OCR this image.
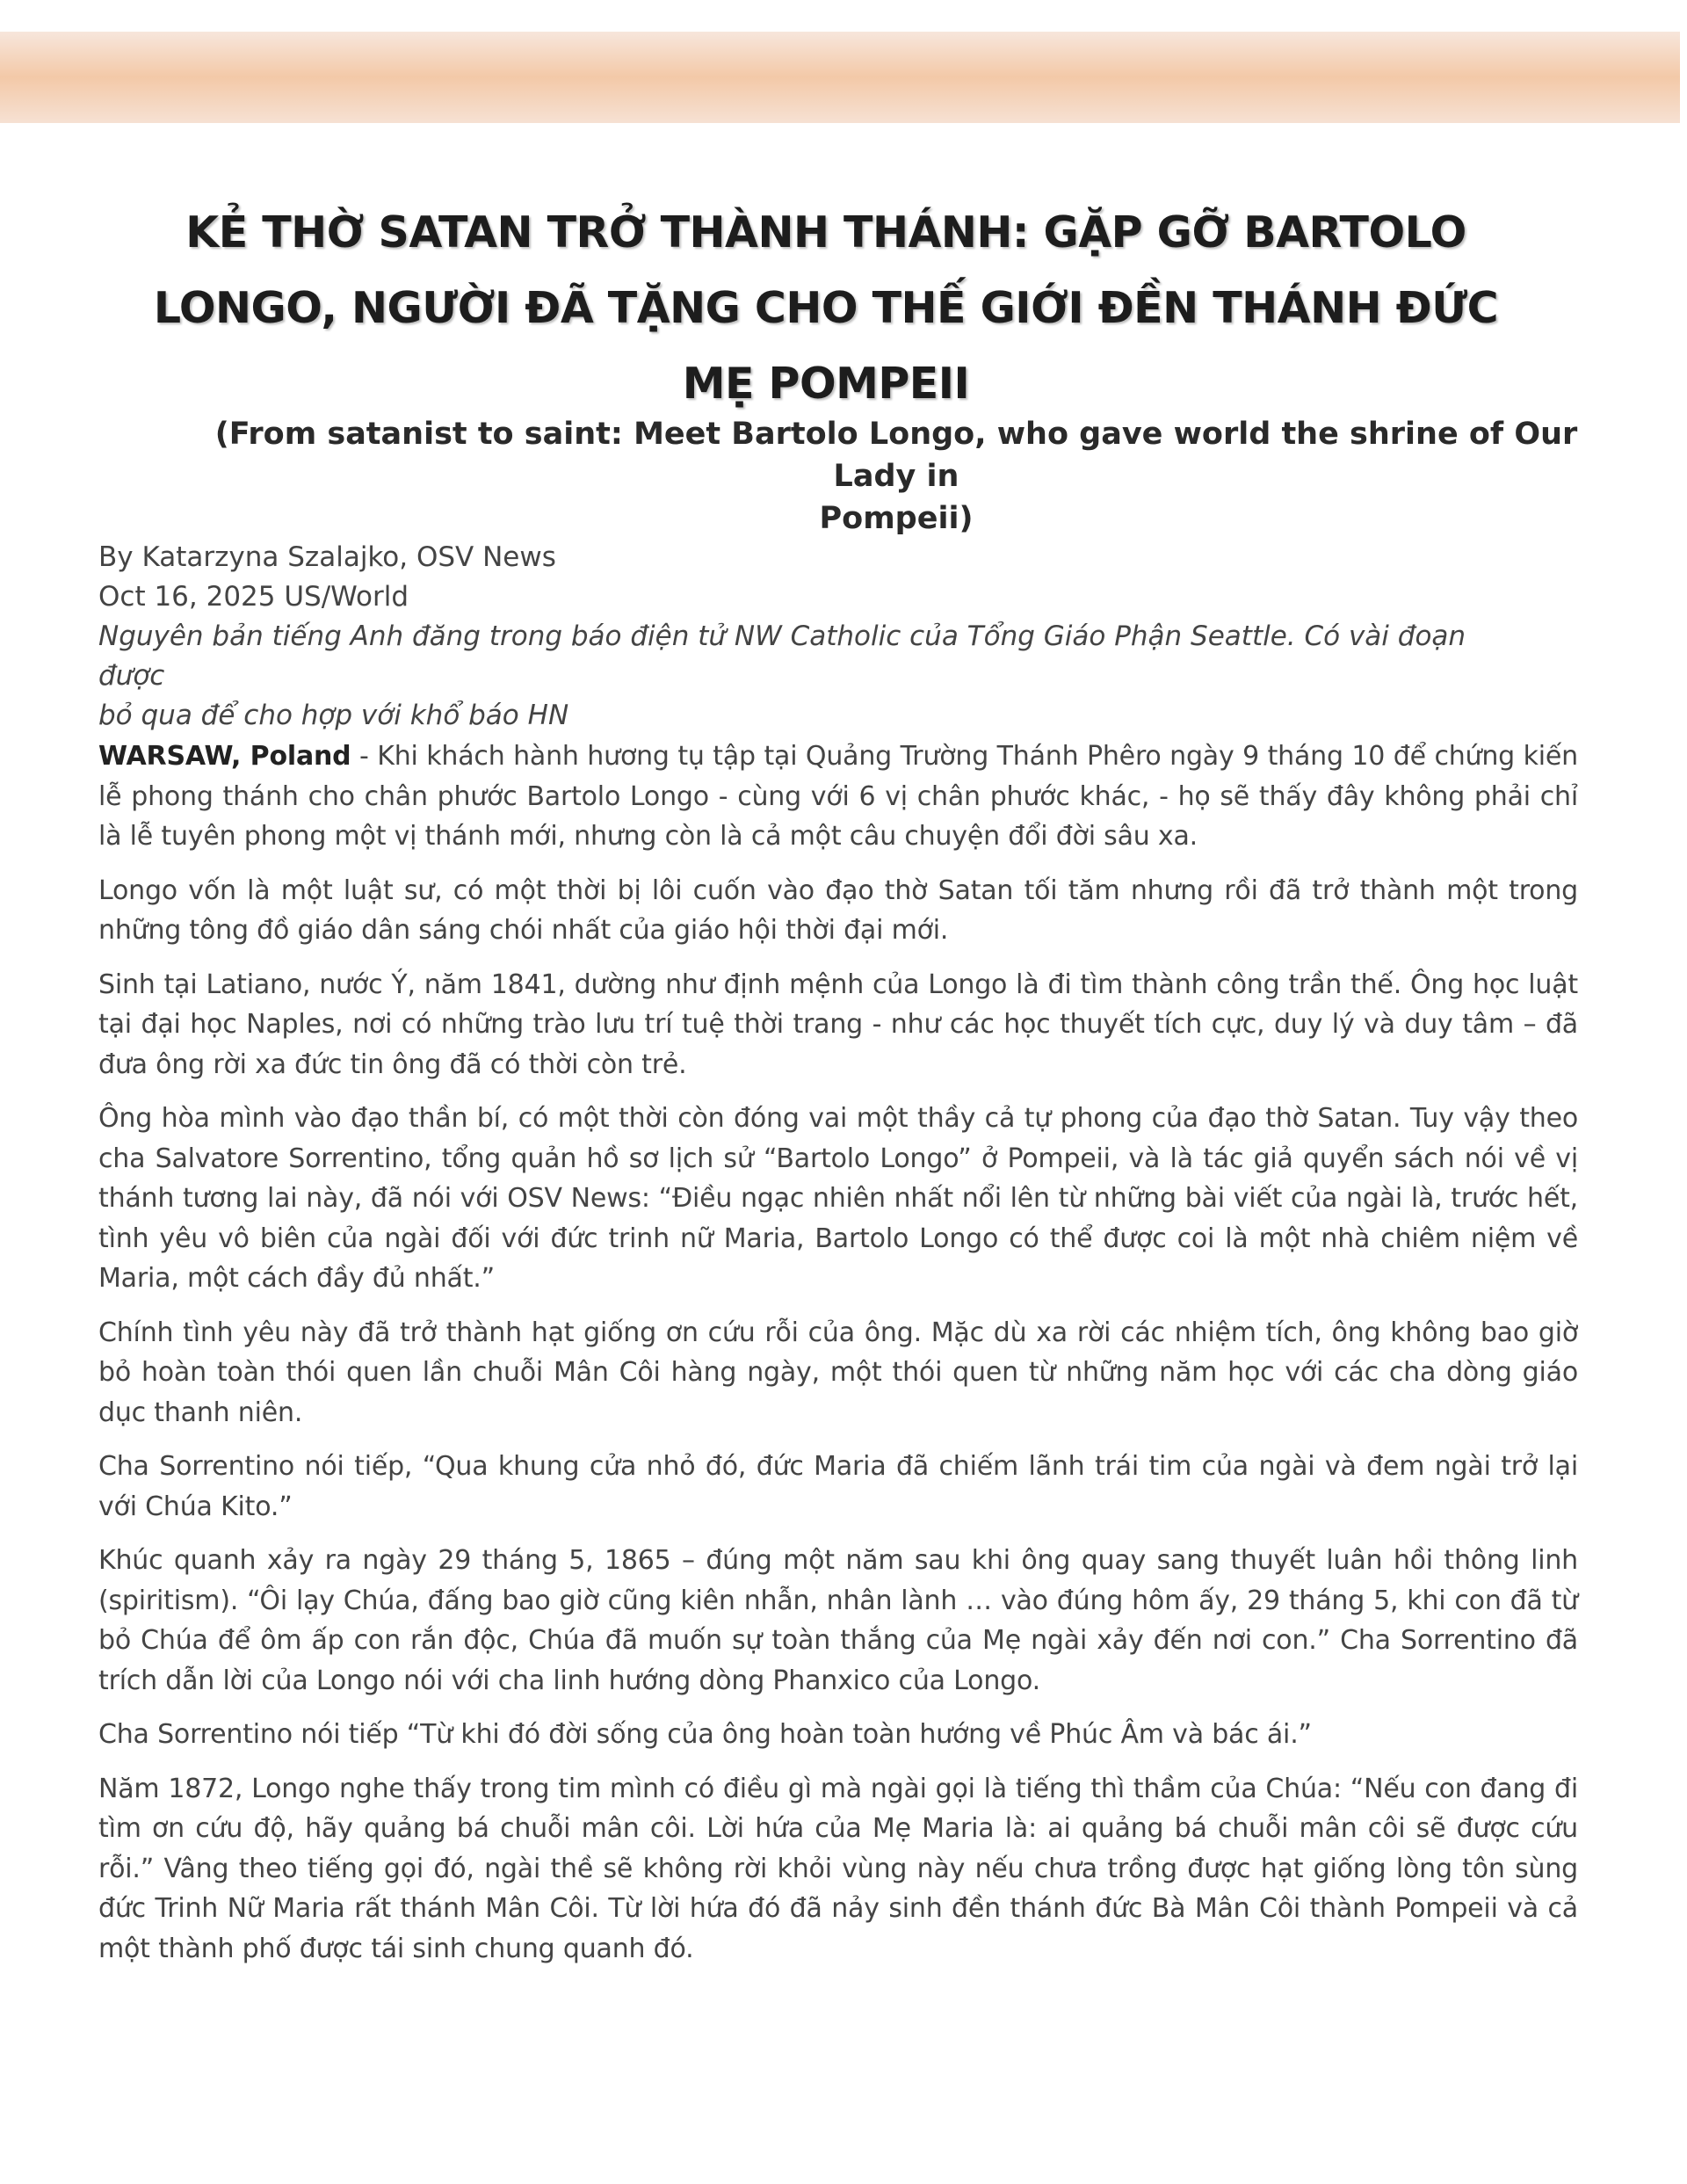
KẺ THỜ SATAN TRỞ THÀNH THÁNH: GẶP GỠ BARTOLO
LONGO, NGƯỜI ĐÃ TẶNG CHO THẾ GIỚI ĐỀN THÁNH ĐỨC
MẸ POMPEII
(From satanist to saint: Meet Bartolo Longo, who gave world the shrine of Our Lady in
Pompeii)
By Katarzyna Szalajko, OSV News
Oct 16, 2025 US/World
Nguyên bản tiếng Anh đăng trong báo điện tử NW Catholic của Tổng Giáo Phận Seattle. Có vài đoạn được
bỏ qua để cho hợp với khổ báo HN

WARSAW, Poland - Khi khách hành hương tụ tập tại Quảng Trường Thánh Phêro ngày 9 tháng 10 để chứng kiến lễ phong thánh cho chân phước Bartolo Longo - cùng với 6 vị chân phước khác, - họ sẽ thấy đây không phải chỉ là lễ tuyên phong một vị thánh mới, nhưng còn là cả một câu chuyện đổi đời sâu xa.

Longo vốn là một luật sư, có một thời bị lôi cuốn vào đạo thờ Satan tối tăm nhưng rồi đã trở thành một trong những tông đồ giáo dân sáng chói nhất của giáo hội thời đại mới.

Sinh tại Latiano, nước Ý, năm 1841, dường như định mệnh của Longo là đi tìm thành công trần thế. Ông học luật tại đại học Naples, nơi có những trào lưu trí tuệ thời trang - như các học thuyết tích cực, duy lý và duy tâm – đã đưa ông rời xa đức tin ông đã có thời còn trẻ.

Ông hòa mình vào đạo thần bí, có một thời còn đóng vai một thầy cả tự phong của đạo thờ Satan. Tuy vậy theo cha Salvatore Sorrentino, tổng quản hồ sơ lịch sử “Bartolo Longo” ở Pompeii, và là tác giả quyển sách nói về vị thánh tương lai này, đã nói với OSV News: “Điều ngạc nhiên nhất nổi lên từ những bài viết của ngài là, trước hết, tình yêu vô biên của ngài đối với đức trinh nữ Maria, Bartolo Longo có thể được coi là một nhà chiêm niệm về Maria, một cách đầy đủ nhất.”

Chính tình yêu này đã trở thành hạt giống ơn cứu rỗi của ông. Mặc dù xa rời các nhiệm tích, ông không bao giờ bỏ hoàn toàn thói quen lần chuỗi Mân Côi hàng ngày, một thói quen từ những năm học với các cha dòng giáo dục thanh niên.

Cha Sorrentino nói tiếp, “Qua khung cửa nhỏ đó, đức Maria đã chiếm lãnh trái tim của ngài và đem ngài trở lại với Chúa Kito.”

Khúc quanh xảy ra ngày 29 tháng 5, 1865 – đúng một năm sau khi ông quay sang thuyết luân hồi thông linh (spiritism). “Ôi lạy Chúa, đấng bao giờ cũng kiên nhẫn, nhân lành … vào đúng hôm ấy, 29 tháng 5, khi con đã từ bỏ Chúa để ôm ấp con rắn độc, Chúa đã muốn sự toàn thắng của Mẹ ngài xảy đến nơi con.” Cha Sorrentino đã trích dẫn lời của Longo nói với cha linh hướng dòng Phanxico của Longo.

Cha Sorrentino nói tiếp “Từ khi đó đời sống của ông hoàn toàn hướng về Phúc Âm và bác ái.”

Năm 1872, Longo nghe thấy trong tim mình có điều gì mà ngài gọi là tiếng thì thầm của Chúa: “Nếu con đang đi tìm ơn cứu độ, hãy quảng bá chuỗi mân côi. Lời hứa của Mẹ Maria là: ai quảng bá chuỗi mân côi sẽ được cứu rỗi.” Vâng theo tiếng gọi đó, ngài thề sẽ không rời khỏi vùng này nếu chưa trồng được hạt giống lòng tôn sùng đức Trinh Nữ Maria rất thánh Mân Côi. Từ lời hứa đó đã nảy sinh đền thánh đức Bà Mân Côi thành Pompeii và cả một thành phố được tái sinh chung quanh đó.
